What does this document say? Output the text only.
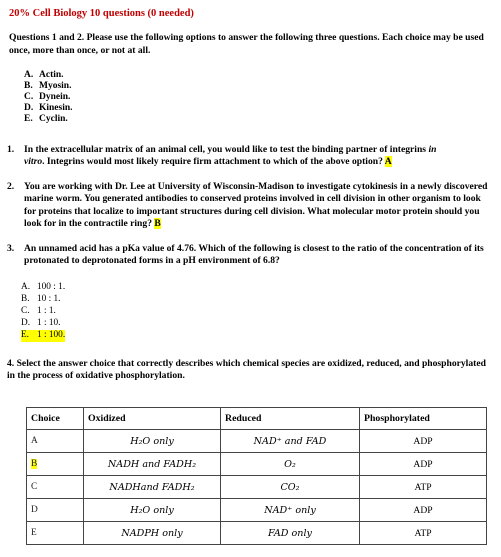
20% Cell Biology 10 questions (0 needed)
Questions 1 and 2. Please use the following options to answer the following three questions. Each choice may be used once, more than once, or not at all.
A. Actin.
B. Myosin.
C. Dynein.
D. Kinesin.
E. Cyclin.
1. In the extracellular matrix of an animal cell, you would like to test the binding partner of integrins in
vitro. Integrins would most likely require firm attachment to which of the above option? A
2. You are working with Dr. Lee at University of Wisconsin-Madison to investigate cytokinesis in a newly discovered marine worm. You generated antibodies to conserved proteins involved in cell division in other organism to look for proteins that localize to important structures during cell division. What molecular motor protein should you look for in the contractile ring? B
3. An unnamed acid has a pKa value of 4.76. Which of the following is closest to the ratio of the concentration of its protonated to deprotonated forms in a pH environment of 6.8?
A. 100 : 1.
B. 10 : 1.
C. 1 : 1.
D. 1 : 10.
E. 1 : 100.
4. Select the answer choice that correctly describes which chemical species are oxidized, reduced, and phosphorylated in the process of oxidative phosphorylation.
Choice	Oxidized	Reduced	Phosphorylated
A	H₂O only	NAD⁺ and FAD	ADP
B	NADH and FADH₂	O₂	ADP
C	NADHand FADH₂	CO₂	ATP
D	H₂O only	NAD⁺ only	ADP
E	NADPH only	FAD only	ATP
